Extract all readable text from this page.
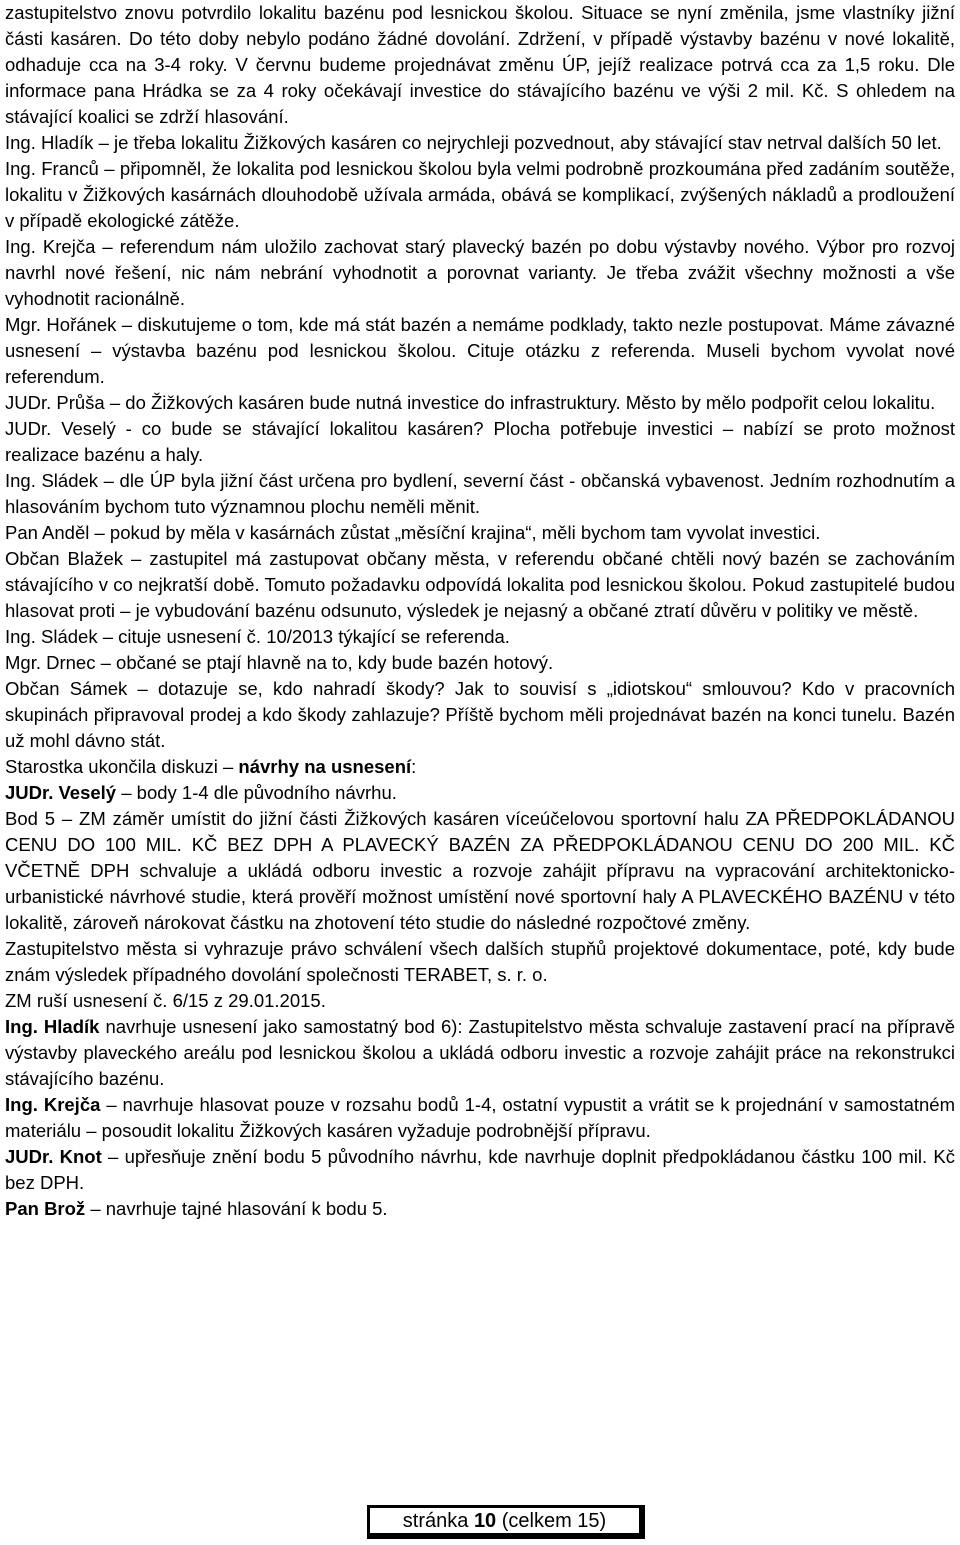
zastupitelstvo znovu potvrdilo lokalitu bazénu pod lesnickou školou. Situace se nyní změnila, jsme vlastníky jižní části kasáren. Do této doby nebylo podáno žádné dovolání. Zdržení, v případě výstavby bazénu v nové lokalitě, odhaduje cca na 3-4 roky. V červnu budeme projednávat změnu ÚP, jejíž realizace potrvá cca za 1,5 roku. Dle informace pana Hrádka se za 4 roky očekávají investice do stávajícího bazénu ve výši 2 mil. Kč. S ohledem na stávající koalici se zdrží hlasování.

Ing. Hladík – je třeba lokalitu Žižkových kasáren co nejrychleji pozvednout, aby stávající stav netrval dalších 50 let.

Ing. Franců – připomněl, že lokalita pod lesnickou školou byla velmi podrobně prozkoumána před zadáním soutěže, lokalitu v Žižkových kasárnách dlouhodobě užívala armáda, obává se komplikací, zvýšených nákladů a prodloužení v případě ekologické zátěže.

Ing. Krejča – referendum nám uložilo zachovat starý plavecký bazén po dobu výstavby nového. Výbor pro rozvoj navrhl nové řešení, nic nám nebrání vyhodnotit a porovnat varianty. Je třeba zvážit všechny možnosti a vše vyhodnotit racionálně.

Mgr. Hořánek – diskutujeme o tom, kde má stát bazén a nemáme podklady, takto nezle postupovat. Máme závazné usnesení – výstavba bazénu pod lesnickou školou. Cituje otázku z referenda. Museli bychom vyvolat nové referendum.

JUDr. Průša – do Žižkových kasáren bude nutná investice do infrastruktury. Město by mělo podpořit celou lokalitu.

JUDr. Veselý - co bude se stávající lokalitou kasáren? Plocha potřebuje investici – nabízí se proto možnost realizace bazénu a haly.

Ing. Sládek – dle ÚP byla jižní část určena pro bydlení, severní část - občanská vybavenost. Jedním rozhodnutím a hlasováním bychom tuto významnou plochu neměli měnit.

Pan Anděl – pokud by měla v kasárnách zůstat „měsíční krajina“, měli bychom tam vyvolat investici.

Občan Blažek – zastupitel má zastupovat občany města, v referendu občané chtěli nový bazén se zachováním stávajícího v co nejkratší době. Tomuto požadavku odpovídá lokalita pod lesnickou školou. Pokud zastupitelé budou hlasovat proti – je vybudování bazénu odsunuto, výsledek je nejasný a občané ztratí důvěru v politiky ve městě.

Ing. Sládek – cituje usnesení č. 10/2013 týkající se referenda.

Mgr. Drnec – občané se ptají hlavně na to, kdy bude bazén hotový.

Občan Sámek – dotazuje se, kdo nahradí škody? Jak to souvisí s „idiotskou“ smlouvou? Kdo v pracovních skupinách připravoval prodej a kdo škody zahlazuje? Příště bychom měli projednávat bazén na konci tunelu. Bazén už mohl dávno stát.

Starostka ukončila diskuzi – návrhy na usnesení:

JUDr. Veselý – body 1-4 dle původního návrhu.

Bod 5 – ZM záměr umístit do jižní části Žižkových kasáren víceúčelovou sportovní halu ZA PŘEDPOKLÁDANOU CENU DO 100 MIL. KČ BEZ DPH A PLAVECKÝ BAZÉN ZA PŘEDPOKLÁDANOU CENU DO 200 MIL. KČ VČETNĚ DPH schvaluje a ukládá odboru investic a rozvoje zahájit přípravu na vypracování architektonicko-urbanistické návrhové studie, která prověří možnost umístění nové sportovní haly A PLAVECKÉHO BAZÉNU v této lokalitě, zároveň nárokovat částku na zhotovení této studie do následné rozpočtové změny.

Zastupitelstvo města si vyhrazuje právo schválení všech dalších stupňů projektové dokumentace, poté, kdy bude znám výsledek případného dovolání společnosti TERABET, s. r. o.

ZM ruší usnesení č. 6/15 z 29.01.2015.

Ing. Hladík navrhuje usnesení jako samostatný bod 6): Zastupitelstvo města schvaluje zastavení prací na přípravě výstavby plaveckého areálu pod lesnickou školou a ukládá odboru investic a rozvoje zahájit práce na rekonstrukci stávajícího bazénu.

Ing. Krejča – navrhuje hlasovat pouze v rozsahu bodů 1-4, ostatní vypustit a vrátit se k projednání v samostatném materiálu – posoudit lokalitu Žižkových kasáren vyžaduje podrobnější přípravu.

JUDr. Knot – upřesňuje znění bodu 5 původního návrhu, kde navrhuje doplnit předpokládanou částku 100 mil. Kč bez DPH.

Pan Brož – navrhuje tajné hlasování k bodu 5.

stránka 10 (celkem 15)
